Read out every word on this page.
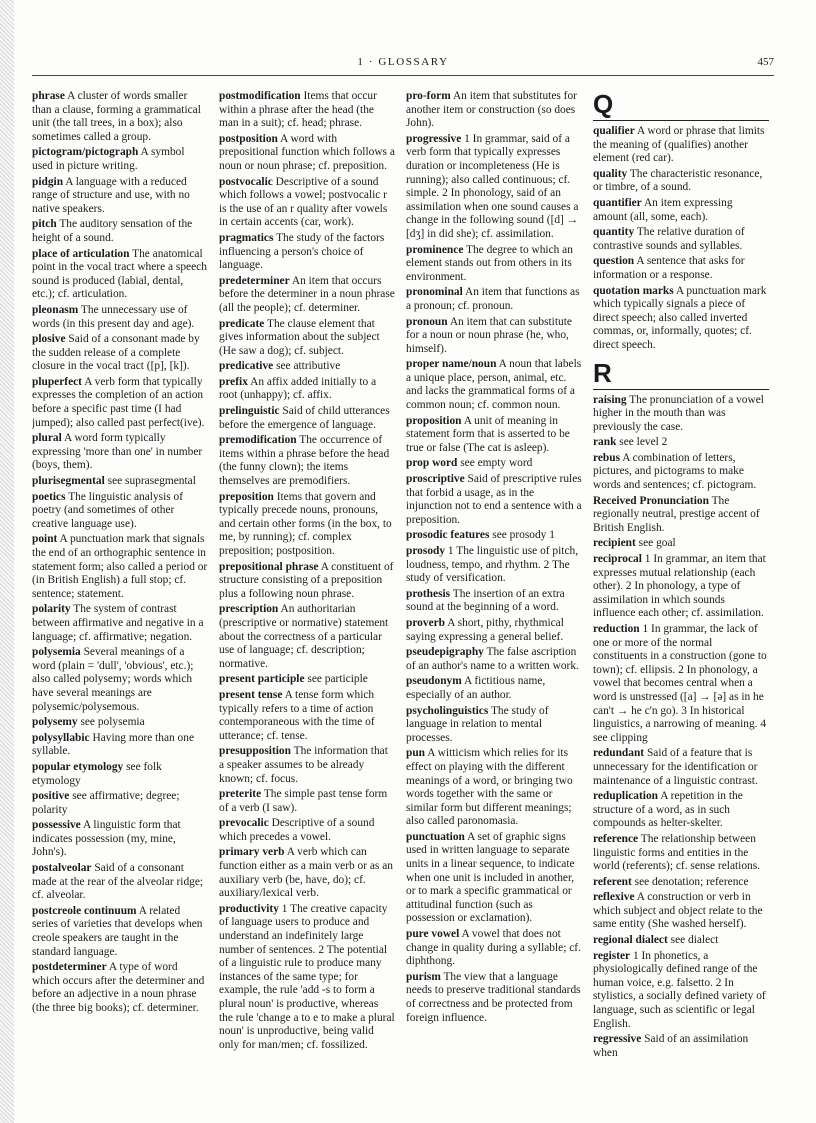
1 · GLOSSARY	457

phrase A cluster of words smaller than a clause, forming a grammatical unit (the tall trees, in a box); also sometimes called a group.

pictogram/pictograph A symbol used in picture writing.

pidgin A language with a reduced range of structure and use, with no native speakers.

pitch The auditory sensation of the height of a sound.

place of articulation The anatomical point in the vocal tract where a speech sound is produced (labial, dental, etc.); cf. articulation.

pleonasm The unnecessary use of words (in this present day and age).

plosive Said of a consonant made by the sudden release of a complete closure in the vocal tract ([p], [k]).

pluperfect A verb form that typically expresses the completion of an action before a specific past time (I had jumped); also called past perfect(ive).

plural A word form typically expressing 'more than one' in number (boys, them).

plurisegmental see suprasegmental

poetics The linguistic analysis of poetry (and sometimes of other creative language use).

point A punctuation mark that signals the end of an orthographic sentence in statement form; also called a period or (in British English) a full stop; cf. sentence; statement.

polarity The system of contrast between affirmative and negative in a language; cf. affirmative; negation.

polysemia Several meanings of a word (plain = 'dull', 'obvious', etc.); also called polysemy; words which have several meanings are polysemic/polysemous.

polysemy see polysemia

polysyllabic Having more than one syllable.

popular etymology see folk etymology

positive see affirmative; degree; polarity

possessive A linguistic form that indicates possession (my, mine, John's).

postalveolar Said of a consonant made at the rear of the alveolar ridge; cf. alveolar.

postcreole continuum A related series of varieties that develops when creole speakers are taught in the standard language.

postdeterminer A type of word which occurs after the determiner and before an adjective in a noun phrase (the three big books); cf. determiner.

postmodification Items that occur within a phrase after the head (the man in a suit); cf. head; phrase.

postposition A word with prepositional function which follows a noun or noun phrase; cf. preposition.

postvocalic Descriptive of a sound which follows a vowel; postvocalic r is the use of an r quality after vowels in certain accents (car, work).

pragmatics The study of the factors influencing a person's choice of language.

predeterminer An item that occurs before the determiner in a noun phrase (all the people); cf. determiner.

predicate The clause element that gives information about the subject (He saw a dog); cf. subject.

predicative see attributive

prefix An affix added initially to a root (unhappy); cf. affix.

prelinguistic Said of child utterances before the emergence of language.

premodification The occurrence of items within a phrase before the head (the funny clown); the items themselves are premodifiers.

preposition Items that govern and typically precede nouns, pronouns, and certain other forms (in the box, to me, by running); cf. complex preposition; postposition.

prepositional phrase A constituent of structure consisting of a preposition plus a following noun phrase.

prescription An authoritarian (prescriptive or normative) statement about the correctness of a particular use of language; cf. description; normative.

present participle see participle

present tense A tense form which typically refers to a time of action contemporaneous with the time of utterance; cf. tense.

presupposition The information that a speaker assumes to be already known; cf. focus.

preterite The simple past tense form of a verb (I saw).

prevocalic Descriptive of a sound which precedes a vowel.

primary verb A verb which can function either as a main verb or as an auxiliary verb (be, have, do); cf. auxiliary/lexical verb.

productivity 1 The creative capacity of language users to produce and understand an indefinitely large number of sentences. 2 The potential of a linguistic rule to produce many instances of the same type; for example, the rule 'add -s to form a plural noun' is productive, whereas the rule 'change a to e to make a plural noun' is unproductive, being valid only for man/men; cf. fossilized.

pro-form An item that substitutes for another item or construction (so does John).

progressive 1 In grammar, said of a verb form that typically expresses duration or incompleteness (He is running); also called continuous; cf. simple. 2 In phonology, said of an assimilation when one sound causes a change in the following sound ([d] → [dʒ] in did she); cf. assimilation.

prominence The degree to which an element stands out from others in its environment.

pronominal An item that functions as a pronoun; cf. pronoun.

pronoun An item that can substitute for a noun or noun phrase (he, who, himself).

proper name/noun A noun that labels a unique place, person, animal, etc. and lacks the grammatical forms of a common noun; cf. common noun.

proposition A unit of meaning in statement form that is asserted to be true or false (The cat is asleep).

prop word see empty word

proscriptive Said of prescriptive rules that forbid a usage, as in the injunction not to end a sentence with a preposition.

prosodic features see prosody 1

prosody 1 The linguistic use of pitch, loudness, tempo, and rhythm. 2 The study of versification.

prothesis The insertion of an extra sound at the beginning of a word.

proverb A short, pithy, rhythmical saying expressing a general belief.

pseudepigraphy The false ascription of an author's name to a written work.

pseudonym A fictitious name, especially of an author.

psycholinguistics The study of language in relation to mental processes.

pun A witticism which relies for its effect on playing with the different meanings of a word, or bringing two words together with the same or similar form but different meanings; also called paronomasia.

punctuation A set of graphic signs used in written language to separate units in a linear sequence, to indicate when one unit is included in another, or to mark a specific grammatical or attitudinal function (such as possession or exclamation).

pure vowel A vowel that does not change in quality during a syllable; cf. diphthong.

purism The view that a language needs to preserve traditional standards of correctness and be protected from foreign influence.

Q

qualifier A word or phrase that limits the meaning of (qualifies) another element (red car).

quality The characteristic resonance, or timbre, of a sound.

quantifier An item expressing amount (all, some, each).

quantity The relative duration of contrastive sounds and syllables.

question A sentence that asks for information or a response.

quotation marks A punctuation mark which typically signals a piece of direct speech; also called inverted commas, or, informally, quotes; cf. direct speech.

R

raising The pronunciation of a vowel higher in the mouth than was previously the case.

rank see level 2

rebus A combination of letters, pictures, and pictograms to make words and sentences; cf. pictogram.

Received Pronunciation The regionally neutral, prestige accent of British English.

recipient see goal

reciprocal 1 In grammar, an item that expresses mutual relationship (each other). 2 In phonology, a type of assimilation in which sounds influence each other; cf. assimilation.

reduction 1 In grammar, the lack of one or more of the normal constituents in a construction (gone to town); cf. ellipsis. 2 In phonology, a vowel that becomes central when a word is unstressed ([a] → [ə] as in he can't → he c'n go). 3 In historical linguistics, a narrowing of meaning. 4 see clipping

redundant Said of a feature that is unnecessary for the identification or maintenance of a linguistic contrast.

reduplication A repetition in the structure of a word, as in such compounds as helter-skelter.

reference The relationship between linguistic forms and entities in the world (referents); cf. sense relations.

referent see denotation; reference

reflexive A construction or verb in which subject and object relate to the same entity (She washed herself).

regional dialect see dialect

register 1 In phonetics, a physiologically defined range of the human voice, e.g. falsetto. 2 In stylistics, a socially defined variety of language, such as scientific or legal English.

regressive Said of an assimilation when
